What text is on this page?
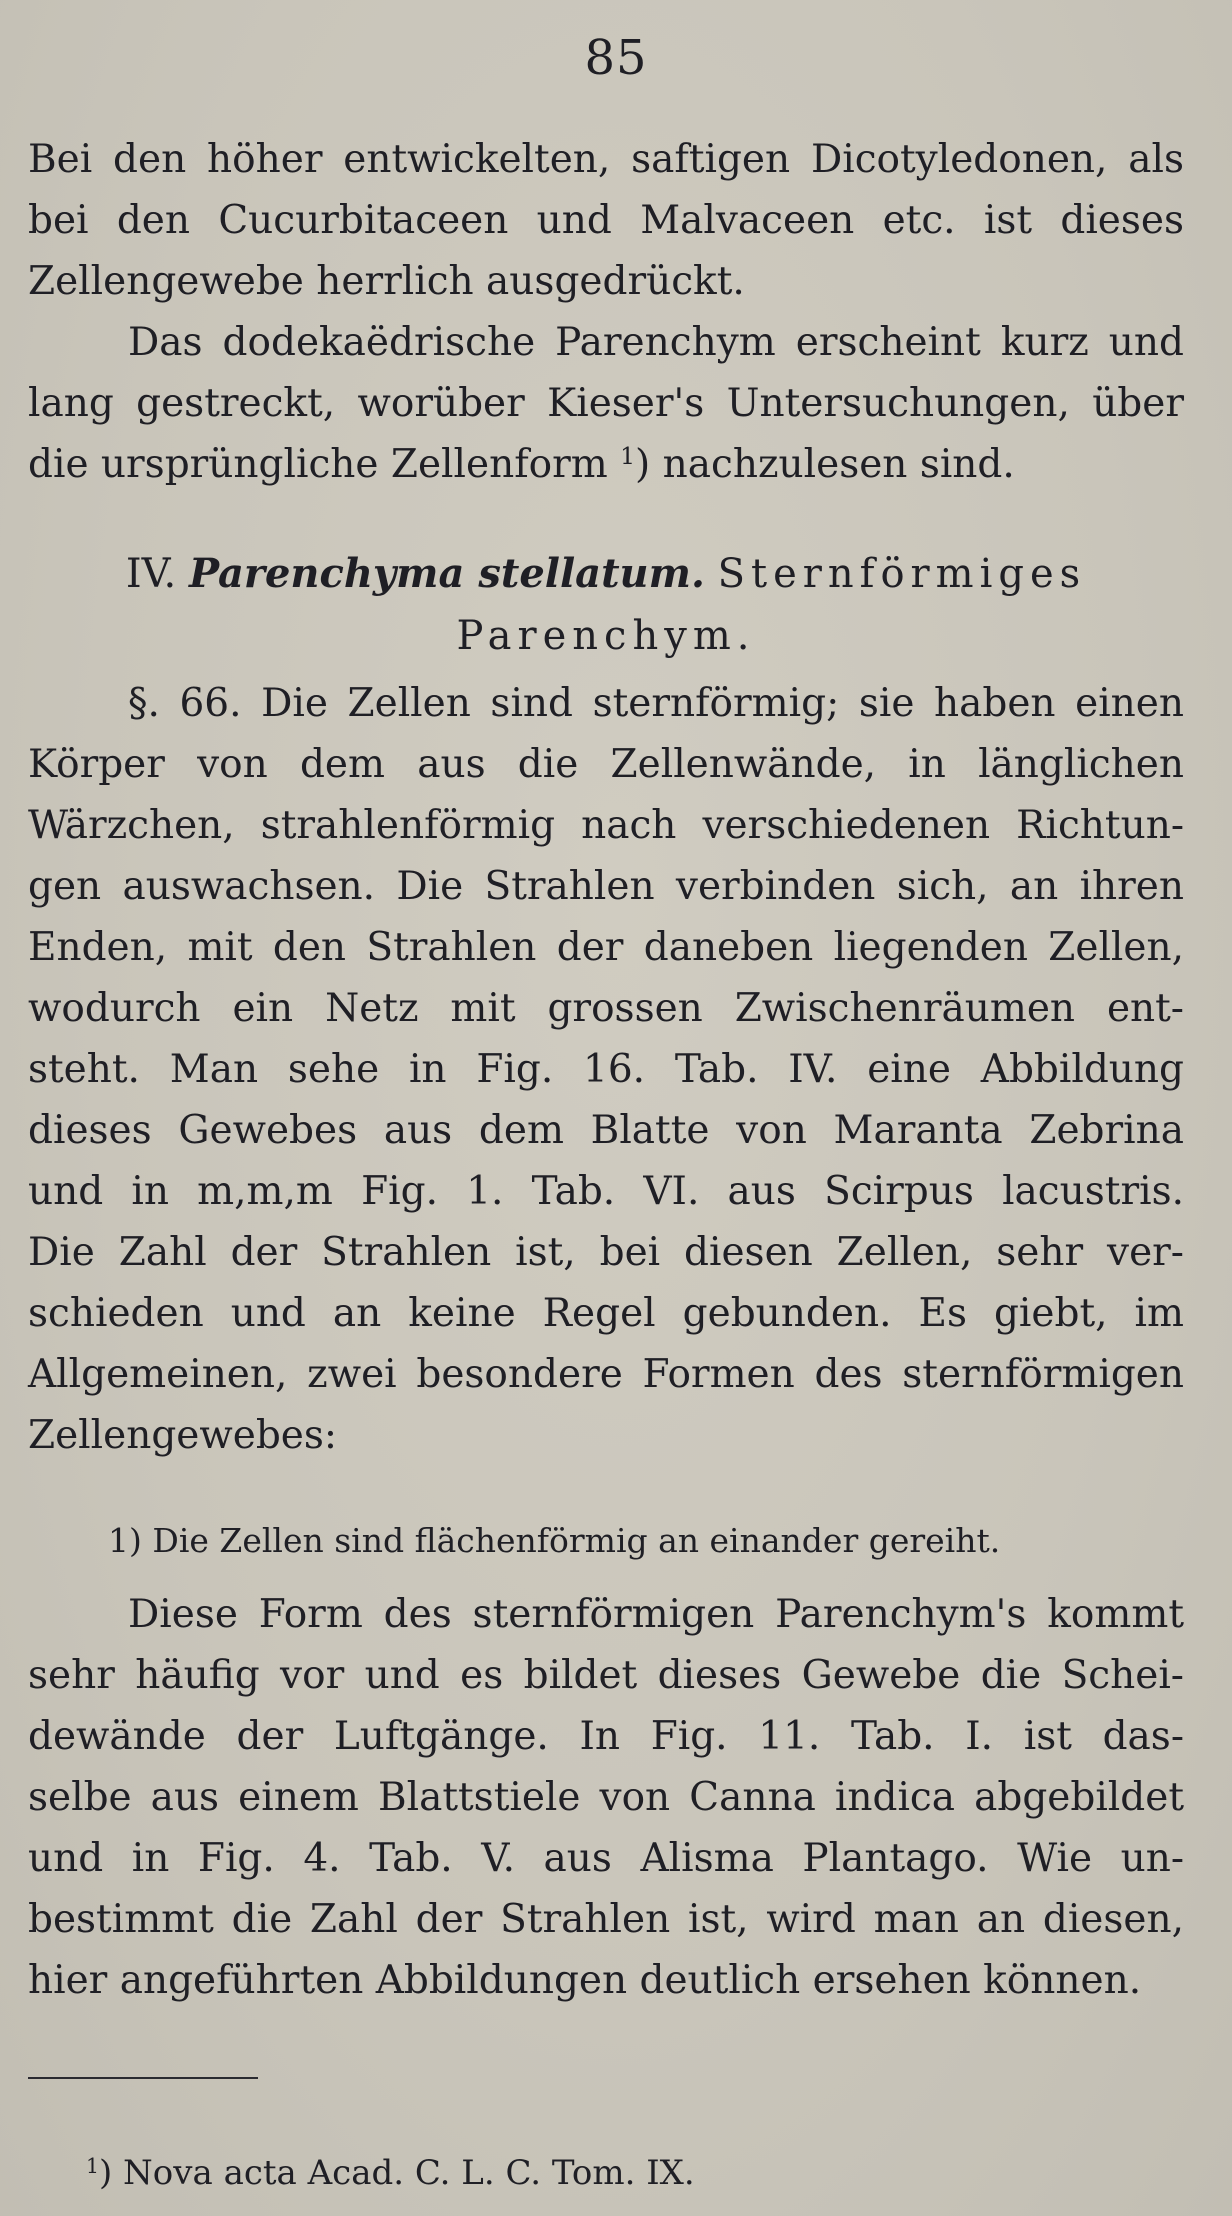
85
Bei den höher entwickelten, saftigen Dicotyledonen, als
bei den Cucurbitaceen und Malvaceen etc. ist dieses
Zellengewebe herrlich ausgedrückt.
Das dodekaëdrische Parenchym erscheint kurz und
lang gestreckt, worüber Kieser's Untersuchungen, über
die ursprüngliche Zellenform $^1$) nachzulesen sind.
IV. Parenchyma stellatum. Sternförmiges
Parenchym.
§. 66. Die Zellen sind sternförmig; sie haben einen
Körper von dem aus die Zellenwände, in länglichen
Wärzchen, strahlenförmig nach verschiedenen Richtun-
gen auswachsen. Die Strahlen verbinden sich, an ihren
Enden, mit den Strahlen der daneben liegenden Zellen,
wodurch ein Netz mit grossen Zwischenräumen ent-
steht. Man sehe in Fig. 16. Tab. IV. eine Abbildung
dieses Gewebes aus dem Blatte von Maranta Zebrina
und in m,m,m Fig. 1. Tab. VI. aus Scirpus lacustris.
Die Zahl der Strahlen ist, bei diesen Zellen, sehr ver-
schieden und an keine Regel gebunden. Es giebt, im
Allgemeinen, zwei besondere Formen des sternförmigen
Zellengewebes:
1) Die Zellen sind flächenförmig an einander gereiht.
Diese Form des sternförmigen Parenchym's kommt
sehr häufig vor und es bildet dieses Gewebe die Schei-
dewände der Luftgänge. In Fig. 11. Tab. I. ist das-
selbe aus einem Blattstiele von Canna indica abgebildet
und in Fig. 4. Tab. V. aus Alisma Plantago. Wie un-
bestimmt die Zahl der Strahlen ist, wird man an diesen,
hier angeführten Abbildungen deutlich ersehen können.
$^1$) Nova acta Acad. C. L. C. Tom. IX.
